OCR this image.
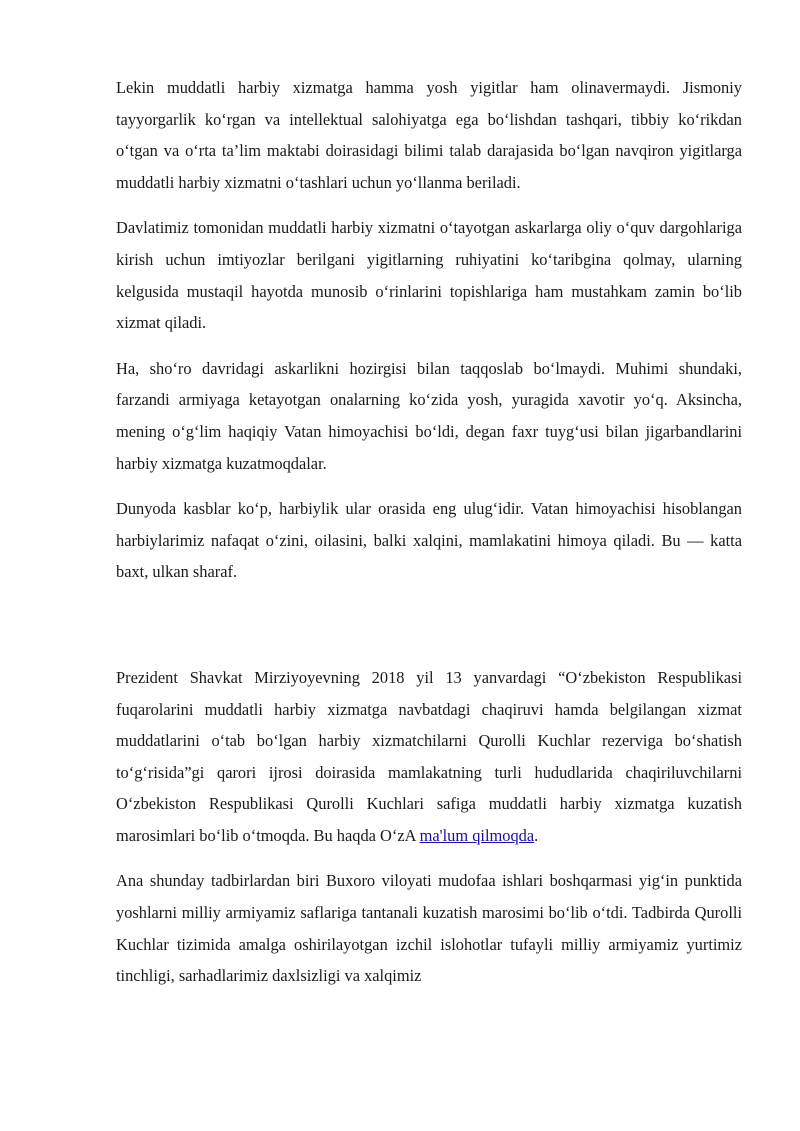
Lekin muddatli harbiy xizmatga hamma yosh yigitlar ham olinavermaydi. Jismoniy tayyorgarlik ko‘rgan va intellektual salohiyatga ega bo‘lishdan tashqari, tibbiy ko‘rikdan o‘tgan va o‘rta ta’lim maktabi doirasidagi bilimi talab darajasida bo‘lgan navqiron yigitlarga muddatli harbiy xizmatni o‘tashlari uchun yo‘llanma beriladi.

Davlatimiz tomonidan muddatli harbiy xizmatni o‘tayotgan askarlarga oliy o‘quv dargohlariga kirish uchun imtiyozlar berilgani yigitlarning ruhiyatini ko‘taribgina qolmay, ularning kelgusida mustaqil hayotda munosib o‘rinlarini topishlariga ham mustahkam zamin bo‘lib xizmat qiladi.

Ha, sho‘ro davridagi askarlikni hozirgisi bilan taqqoslab bo‘lmaydi. Muhimi shundaki, farzandi armiyaga ketayotgan onalarning ko‘zida yosh, yuragida xavotir yo‘q. Aksincha, mening o‘g‘lim haqiqiy Vatan himoyachisi bo‘ldi, degan faxr tuyg‘usi bilan jigarbandlarini harbiy xizmatga kuzatmoqdalar.

Dunyoda kasblar ko‘p, harbiylik ular orasida eng ulug‘idir. Vatan himoyachisi hisoblangan harbiylarimiz nafaqat o‘zini, oilasini, balki xalqini, mamlakatini himoya qiladi. Bu — katta baxt, ulkan sharaf.

Prezident Shavkat Mirziyoyevning 2018 yil 13 yanvardagi “O‘zbekiston Respublikasi fuqarolarini muddatli harbiy xizmatga navbatdagi chaqiruvi hamda belgilangan xizmat muddatlarini o‘tab bo‘lgan harbiy xizmatchilarni Qurolli Kuchlar rezerviga bo‘shatish to‘g‘risida”gi qarori ijrosi doirasida mamlakatning turli hududlarida chaqiriluvchilarni O‘zbekiston Respublikasi Qurolli Kuchlari safiga muddatli harbiy xizmatga kuzatish marosimlari bo‘lib o‘tmoqda. Bu haqda O‘zA ma'lum qilmoqda.

Ana shunday tadbirlardan biri Buxoro viloyati mudofaa ishlari boshqarmasi yig‘in punktida yoshlarni milliy armiyamiz saflariga tantanali kuzatish marosimi bo‘lib o‘tdi. Tadbirda Qurolli Kuchlar tizimida amalga oshirilayotgan izchil islohotlar tufayli milliy armiyamiz yurtimiz tinchligi, sarhadlarimiz daxlsizligi va xalqimiz
